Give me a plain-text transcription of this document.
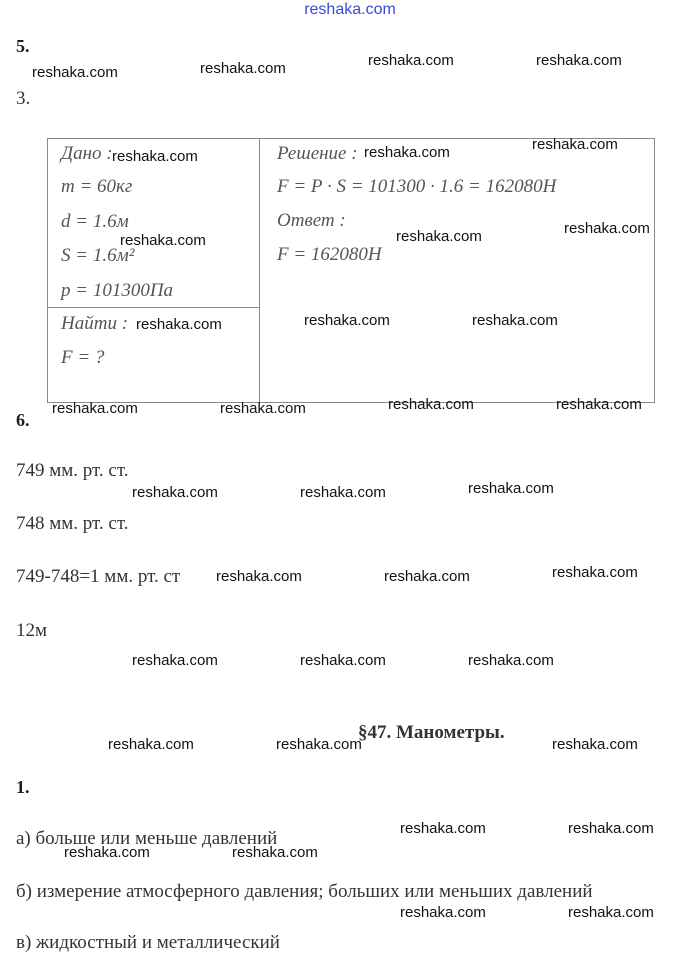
reshaka.com
5.
3.
Дано :
m = 60кг
d = 1.6м
S = 1.6м²
p = 101300Па
Найти :
F = ?
Решение :
F = P · S = 101300 · 1.6 = 162080H
Ответ :
F = 162080H
6.
749 мм. рт. ст.
748 мм. рт. ст.
749-748=1 мм. рт. ст
12м
§47. Манометры.
1.
а) больше или меньше давлений
б) измерение атмосферного давления; больших или меньших давлений
в) жидкостный и металлический
reshaka.com	reshaka.com	reshaka.com	reshaka.com
reshaka.com	reshaka.com	reshaka.com
reshaka.com	reshaka.com	reshaka.com
reshaka.com	reshaka.com	reshaka.com
reshaka.com	reshaka.com	reshaka.com	reshaka.com
reshaka.com	reshaka.com	reshaka.com
reshaka.com	reshaka.com	reshaka.com
reshaka.com	reshaka.com	reshaka.com
reshaka.com	reshaka.com	reshaka.com
reshaka.com	reshaka.com
reshaka.com	reshaka.com
reshaka.com	reshaka.com
